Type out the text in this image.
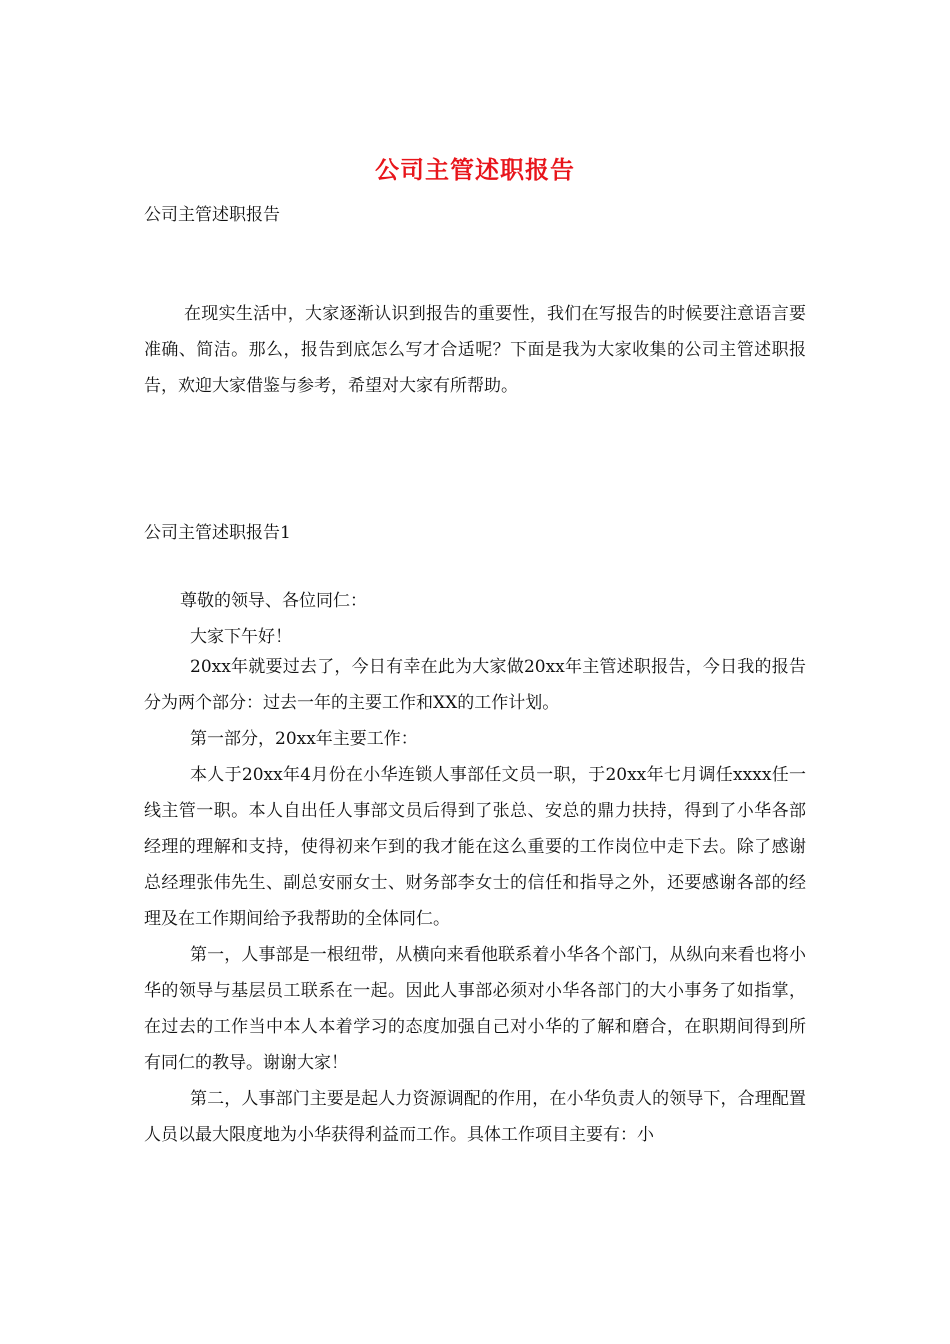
公司主管述职报告
公司主管述职报告

在现实生活中，大家逐渐认识到报告的重要性，我们在写报告的时候要注意语言要准确、简洁。那么，报告到底怎么写才合适呢？下面是我为大家收集的公司主管述职报告，欢迎大家借鉴与参考，希望对大家有所帮助。

公司主管述职报告1
尊敬的领导、各位同仁：
大家下午好！

20xx年就要过去了，今日有幸在此为大家做20xx年主管述职报告，今日我的报告分为两个部分：过去一年的主要工作和XX的工作计划。

第一部分，20xx年主要工作：

本人于20xx年4月份在小华连锁人事部任文员一职，于20xx年七月调任xxxx任一线主管一职。本人自出任人事部文员后得到了张总、安总的鼎力扶持，得到了小华各部经理的理解和支持，使得初来乍到的我才能在这么重要的工作岗位中走下去。除了感谢总经理张伟先生、副总安丽女士、财务部李女士的信任和指导之外，还要感谢各部的经理及在工作期间给予我帮助的全体同仁。

第一，人事部是一根纽带，从横向来看他联系着小华各个部门，从纵向来看也将小华的领导与基层员工联系在一起。因此人事部必须对小华各部门的大小事务了如指掌，在过去的工作当中本人本着学习的态度加强自己对小华的了解和磨合，在职期间得到所有同仁的教导。谢谢大家！

第二，人事部门主要是起人力资源调配的作用，在小华负责人的领导下，合理配置人员以最大限度地为小华获得利益而工作。具体工作项目主要有：小
